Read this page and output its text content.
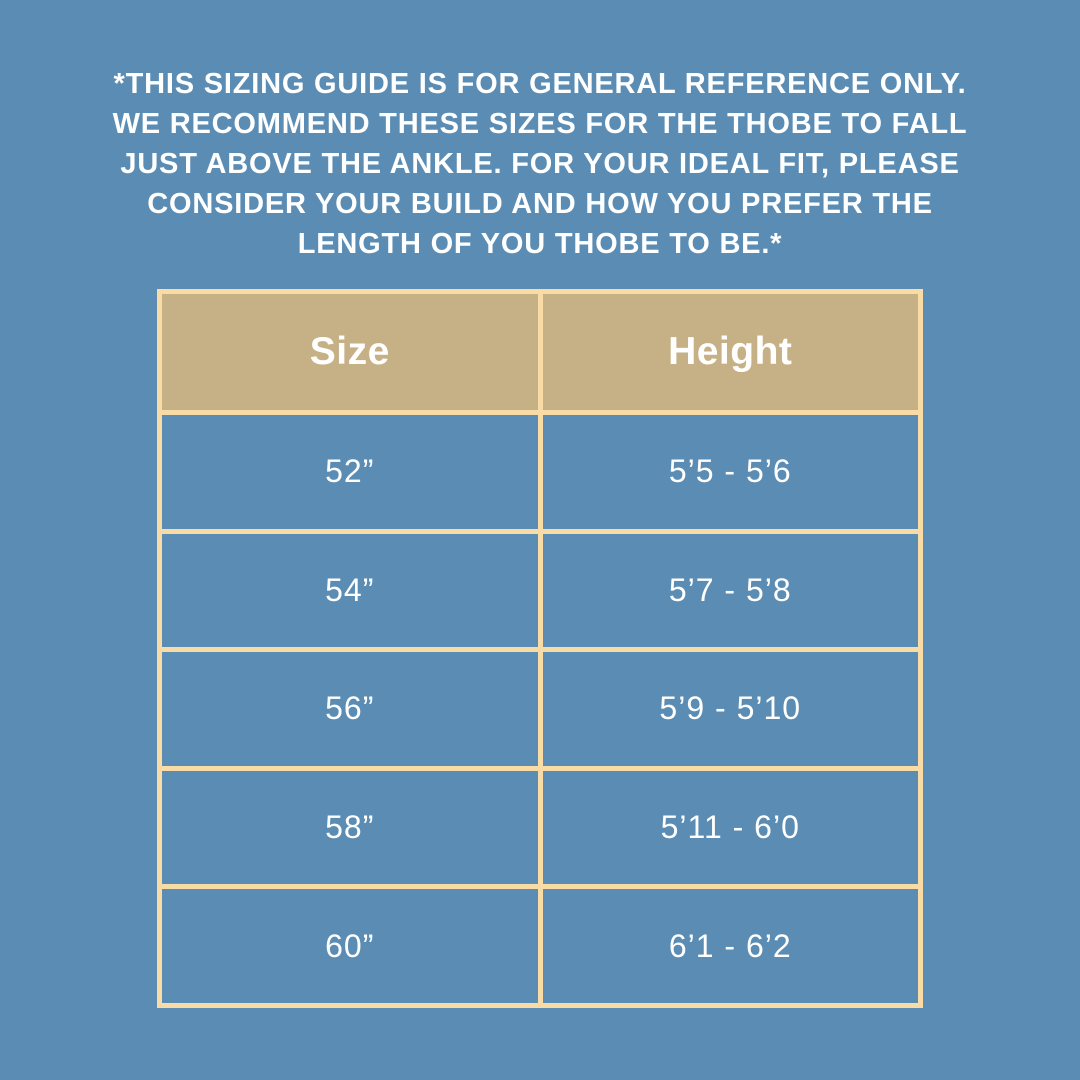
*THIS SIZING GUIDE IS FOR GENERAL REFERENCE ONLY.
WE RECOMMEND THESE SIZES FOR THE THOBE TO FALL
JUST ABOVE THE ANKLE. FOR YOUR IDEAL FIT, PLEASE
CONSIDER YOUR BUILD AND HOW YOU PREFER THE
LENGTH OF YOU THOBE TO BE.*
Size	Height
52”	5’5 - 5’6
54”	5’7 - 5’8
56”	5’9 - 5’10
58”	5’11 - 6’0
60”	6’1 - 6’2
